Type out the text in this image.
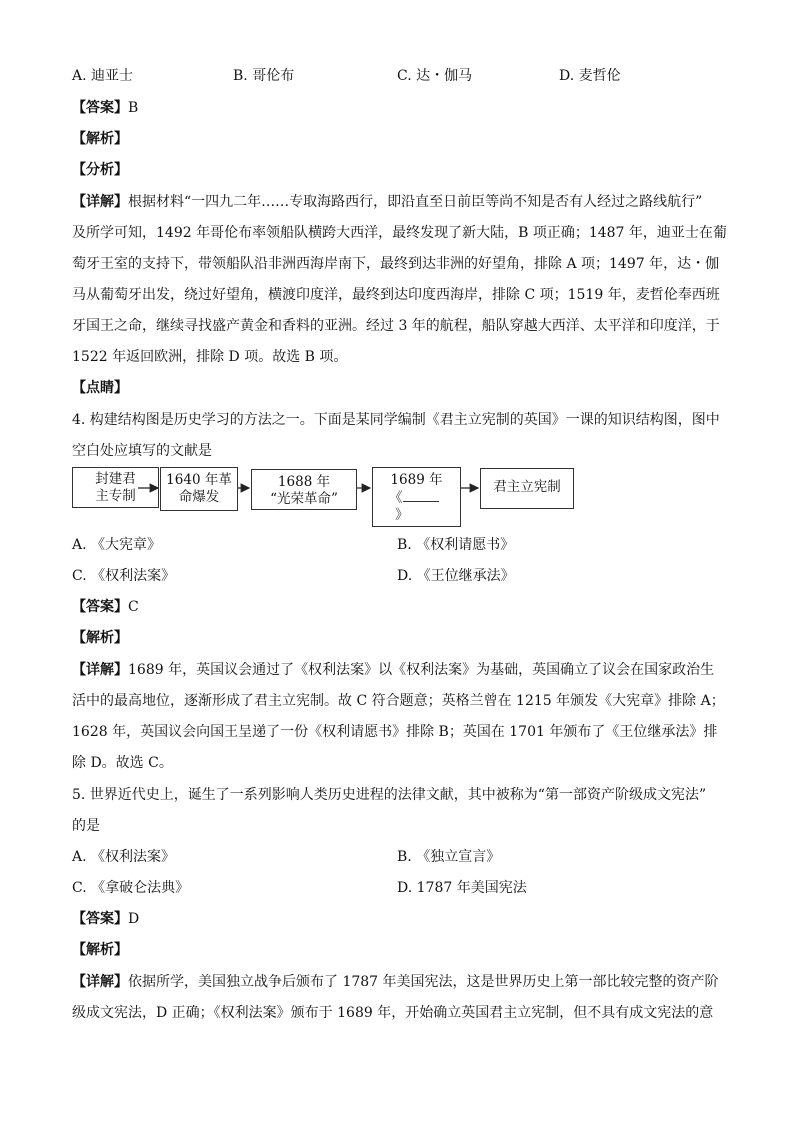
A. 迪亚士	B. 哥伦布	C. 达・伽马	D. 麦哲伦
【答案】B
【解析】
【分析】
【详解】根据材料“一四九二年……专取海路西行，即沿直至日前臣等尚不知是否有人经过之路线航行”
及所学可知，1492 年哥伦布率领船队横跨大西洋，最终发现了新大陆，B 项正确；1487 年，迪亚士在葡
萄牙王室的支持下，带领船队沿非洲西海岸南下，最终到达非洲的好望角，排除 A 项；1497 年，达・伽
马从葡萄牙出发，绕过好望角，横渡印度洋，最终到达印度西海岸，排除 C 项；1519 年，麦哲伦奉西班
牙国王之命，继续寻找盛产黄金和香料的亚洲。经过 3 年的航程，船队穿越大西洋、太平洋和印度洋，于
1522 年返回欧洲，排除 D 项。故选 B 项。
【点睛】
4. 构建结构图是历史学习的方法之一。下面是某同学编制《君主立宪制的英国》一课的知识结构图，图中
空白处应填写的文献是
封建君
主专制
1640 年革
命爆发
1688 年
“光荣革命”
1689 年
《
》
君主立宪制
A. 《大宪章》	B. 《权利请愿书》
C. 《权利法案》	D. 《王位继承法》
【答案】C
【解析】
【详解】1689 年，英国议会通过了《权利法案》以《权利法案》为基础，英国确立了议会在国家政治生
活中的最高地位，逐渐形成了君主立宪制。故 C 符合题意；英格兰曾在 1215 年颁发《大宪章》排除 A；
1628 年，英国议会向国王呈递了一份《权利请愿书》排除 B；英国在 1701 年颁布了《王位继承法》排
除 D。故选 C。
5. 世界近代史上，诞生了一系列影响人类历史进程的法律文献，其中被称为“第一部资产阶级成文宪法”
的是
A. 《权利法案》	B. 《独立宣言》
C. 《拿破仑法典》	D. 1787 年美国宪法
【答案】D
【解析】
【详解】依据所学，美国独立战争后颁布了 1787 年美国宪法，这是世界历史上第一部比较完整的资产阶
级成文宪法，D 正确；《权利法案》颁布于 1689 年，开始确立英国君主立宪制，但不具有成文宪法的意
